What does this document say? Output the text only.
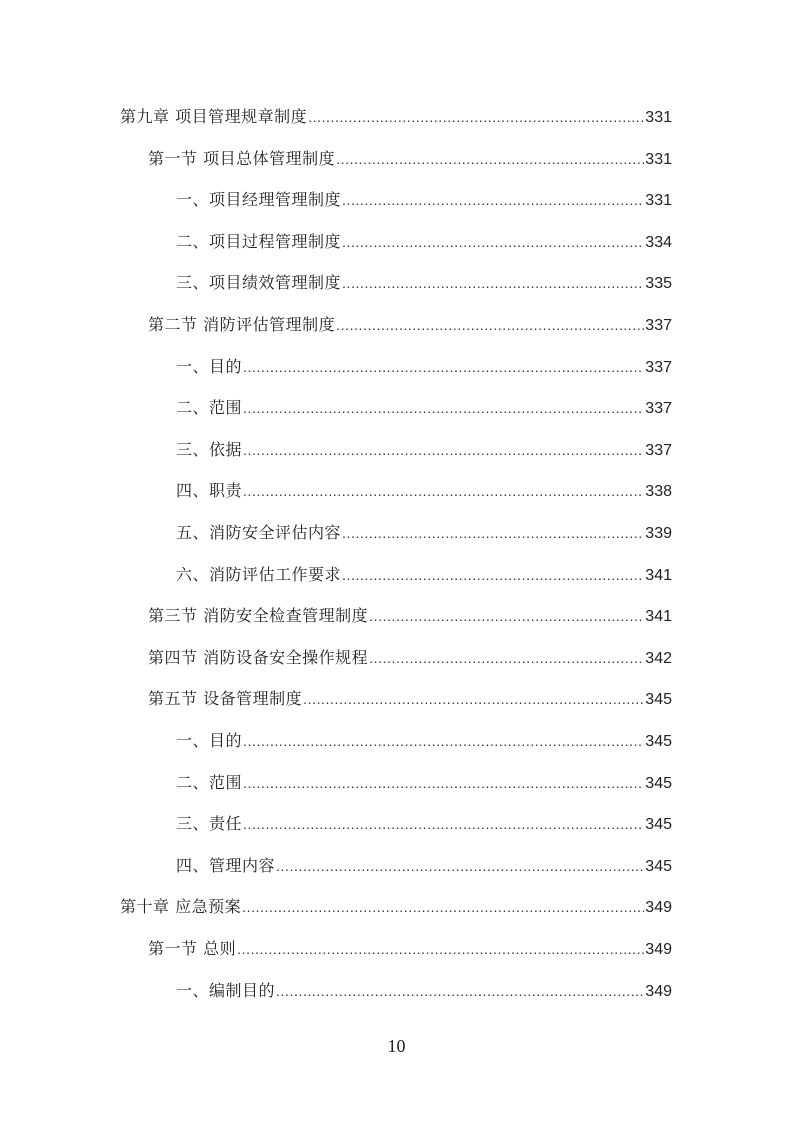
第九章 项目管理规章制度 .....	331
第一节 项目总体管理制度 .....	331
一、项目经理管理制度 .....	331
二、项目过程管理制度 .....	334
三、项目绩效管理制度 .....	335
第二节 消防评估管理制度 .....	337
一、目的 .....	337
二、范围 .....	337
三、依据 .....	337
四、职责 .....	338
五、消防安全评估内容 .....	339
六、消防评估工作要求 .....	341
第三节 消防安全检查管理制度 .....	341
第四节 消防设备安全操作规程 .....	342
第五节 设备管理制度 .....	345
一、目的 .....	345
二、范围 .....	345
三、责任 .....	345
四、管理内容 .....	345
第十章 应急预案 .....	349
第一节 总则 .....	349
一、编制目的 .....	349
10
